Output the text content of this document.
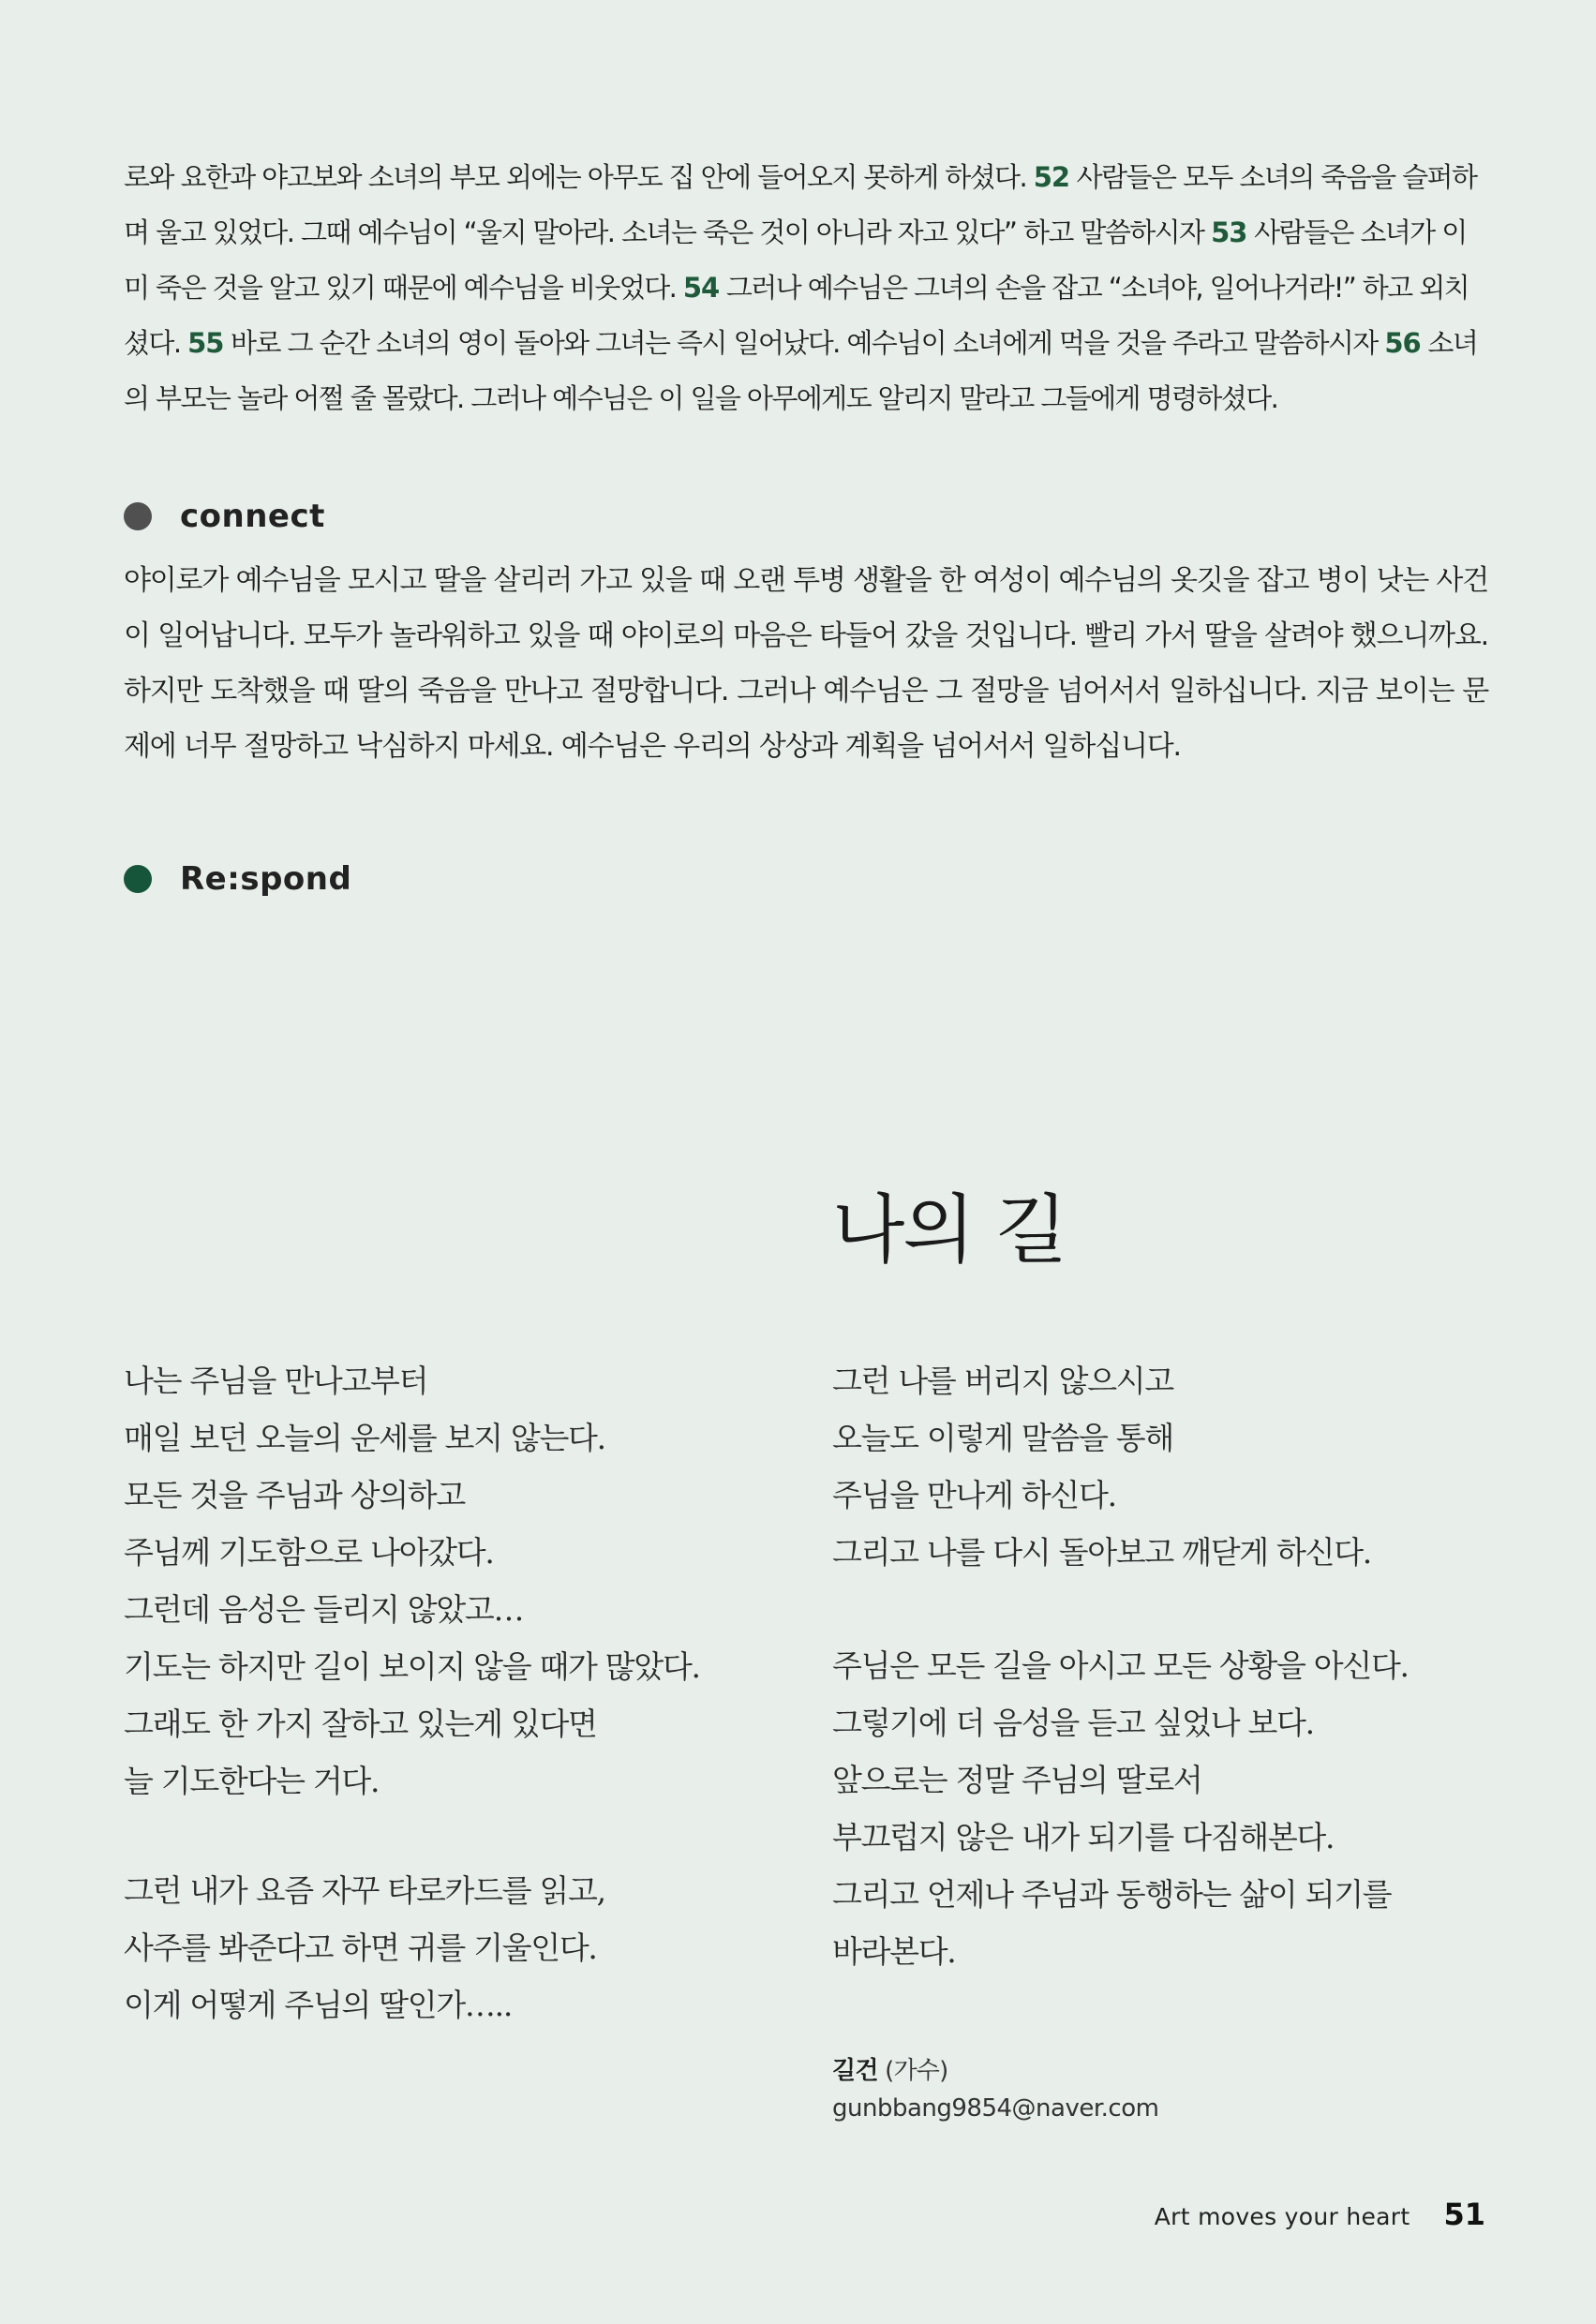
로와 요한과 야고보와 소녀의 부모 외에는 아무도 집 안에 들어오지 못하게 하셨다. 52 사람들은 모두 소녀의 죽음을 슬퍼하며 울고 있었다. 그때 예수님이 “울지 말아라. 소녀는 죽은 것이 아니라 자고 있다” 하고 말씀하시자 53 사람들은 소녀가 이미 죽은 것을 알고 있기 때문에 예수님을 비웃었다. 54 그러나 예수님은 그녀의 손을 잡고 “소녀야, 일어나거라!” 하고 외치셨다. 55 바로 그 순간 소녀의 영이 돌아와 그녀는 즉시 일어났다. 예수님이 소녀에게 먹을 것을 주라고 말씀하시자 56 소녀의 부모는 놀라 어쩔 줄 몰랐다. 그러나 예수님은 이 일을 아무에게도 알리지 말라고 그들에게 명령하셨다.

connect

야이로가 예수님을 모시고 딸을 살리러 가고 있을 때 오랜 투병 생활을 한 여성이 예수님의 옷깃을 잡고 병이 낫는 사건이 일어납니다. 모두가 놀라워하고 있을 때 야이로의 마음은 타들어 갔을 것입니다. 빨리 가서 딸을 살려야 했으니까요. 하지만 도착했을 때 딸의 죽음을 만나고 절망합니다. 그러나 예수님은 그 절망을 넘어서서 일하십니다. 지금 보이는 문제에 너무 절망하고 낙심하지 마세요. 예수님은 우리의 상상과 계획을 넘어서서 일하십니다.

Re:spond
나의 길
나는 주님을 만나고부터
매일 보던 오늘의 운세를 보지 않는다.
모든 것을 주님과 상의하고
주님께 기도함으로 나아갔다.
그런데 음성은 들리지 않았고…
기도는 하지만 길이 보이지 않을 때가 많았다.
그래도 한 가지 잘하고 있는게 있다면
늘 기도한다는 거다.
그런 내가 요즘 자꾸 타로카드를 읽고,
사주를 봐준다고 하면 귀를 기울인다.
이게 어떻게 주님의 딸인가…..
그런 나를 버리지 않으시고
오늘도 이렇게 말씀을 통해
주님을 만나게 하신다.
그리고 나를 다시 돌아보고 깨닫게 하신다.
주님은 모든 길을 아시고 모든 상황을 아신다.
그렇기에 더 음성을 듣고 싶었나 보다.
앞으로는 정말 주님의 딸로서
부끄럽지 않은 내가 되기를 다짐해본다.
그리고 언제나 주님과 동행하는 삶이 되기를
바라본다.
길건 (가수)
gunbbang9854@naver.com
Art moves your heart 51
